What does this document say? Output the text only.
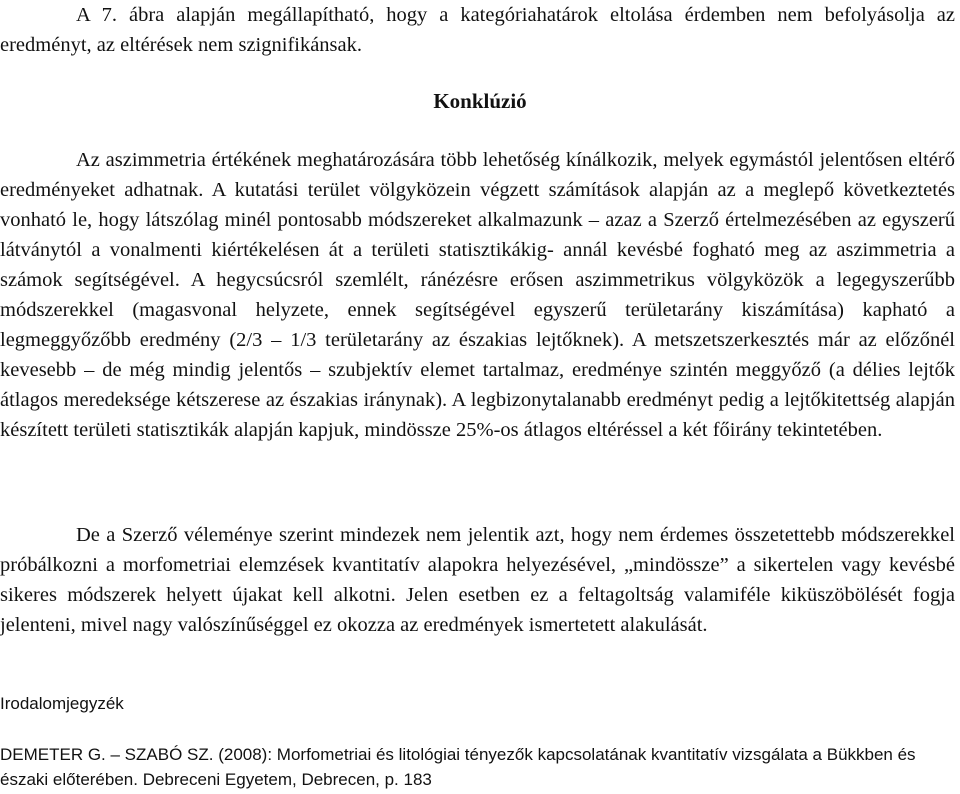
A 7. ábra alapján megállapítható, hogy a kategóriahatárok eltolása érdemben nem befolyásolja az eredményt, az eltérések nem szignifikánsak.

Konklúzió

Az aszimmetria értékének meghatározására több lehetőség kínálkozik, melyek egymástól jelentősen eltérő eredményeket adhatnak. A kutatási terület völgyközein végzett számítások alapján az a meglepő következtetés vonható le, hogy látszólag minél pontosabb módszereket alkalmazunk – azaz a Szerző értelmezésében az egyszerű látványtól a vonalmenti kiértékelésen át a területi statisztikákig- annál kevésbé fogható meg az aszimmetria a számok segítségével. A hegycsúcsról szemlélt, ránézésre erősen aszimmetrikus völgyközök a legegyszerűbb módszerekkel (magasvonal helyzete, ennek segítségével egyszerű területarány kiszámítása) kapható a legmeggyőzőbb eredmény (2/3 – 1/3 területarány az északias lejtőknek). A metszetszerkesztés már az előzőnél kevesebb – de még mindig jelentős – szubjektív elemet tartalmaz, eredménye szintén meggyőző (a délies lejtők átlagos meredeksége kétszerese az északias iránynak). A legbizonytalanabb eredményt pedig a lejtőkitettség alapján készített területi statisztikák alapján kapjuk, mindössze 25%-os átlagos eltéréssel a két főirány tekintetében.

De a Szerző véleménye szerint mindezek nem jelentik azt, hogy nem érdemes összetettebb módszerekkel próbálkozni a morfometriai elemzések kvantitatív alapokra helyezésével, „mindössze” a sikertelen vagy kevésbé sikeres módszerek helyett újakat kell alkotni. Jelen esetben ez a feltagoltság valamiféle kiküszöbölését fogja jelenteni, mivel nagy valószínűséggel ez okozza az eredmények ismertetett alakulását.

Irodalomjegyzék

DEMETER G. – SZABÓ SZ. (2008): Morfometriai és litológiai tényezők kapcsolatának kvantitatív vizsgálata a Bükkben és északi előterében. Debreceni Egyetem, Debrecen, p. 183
